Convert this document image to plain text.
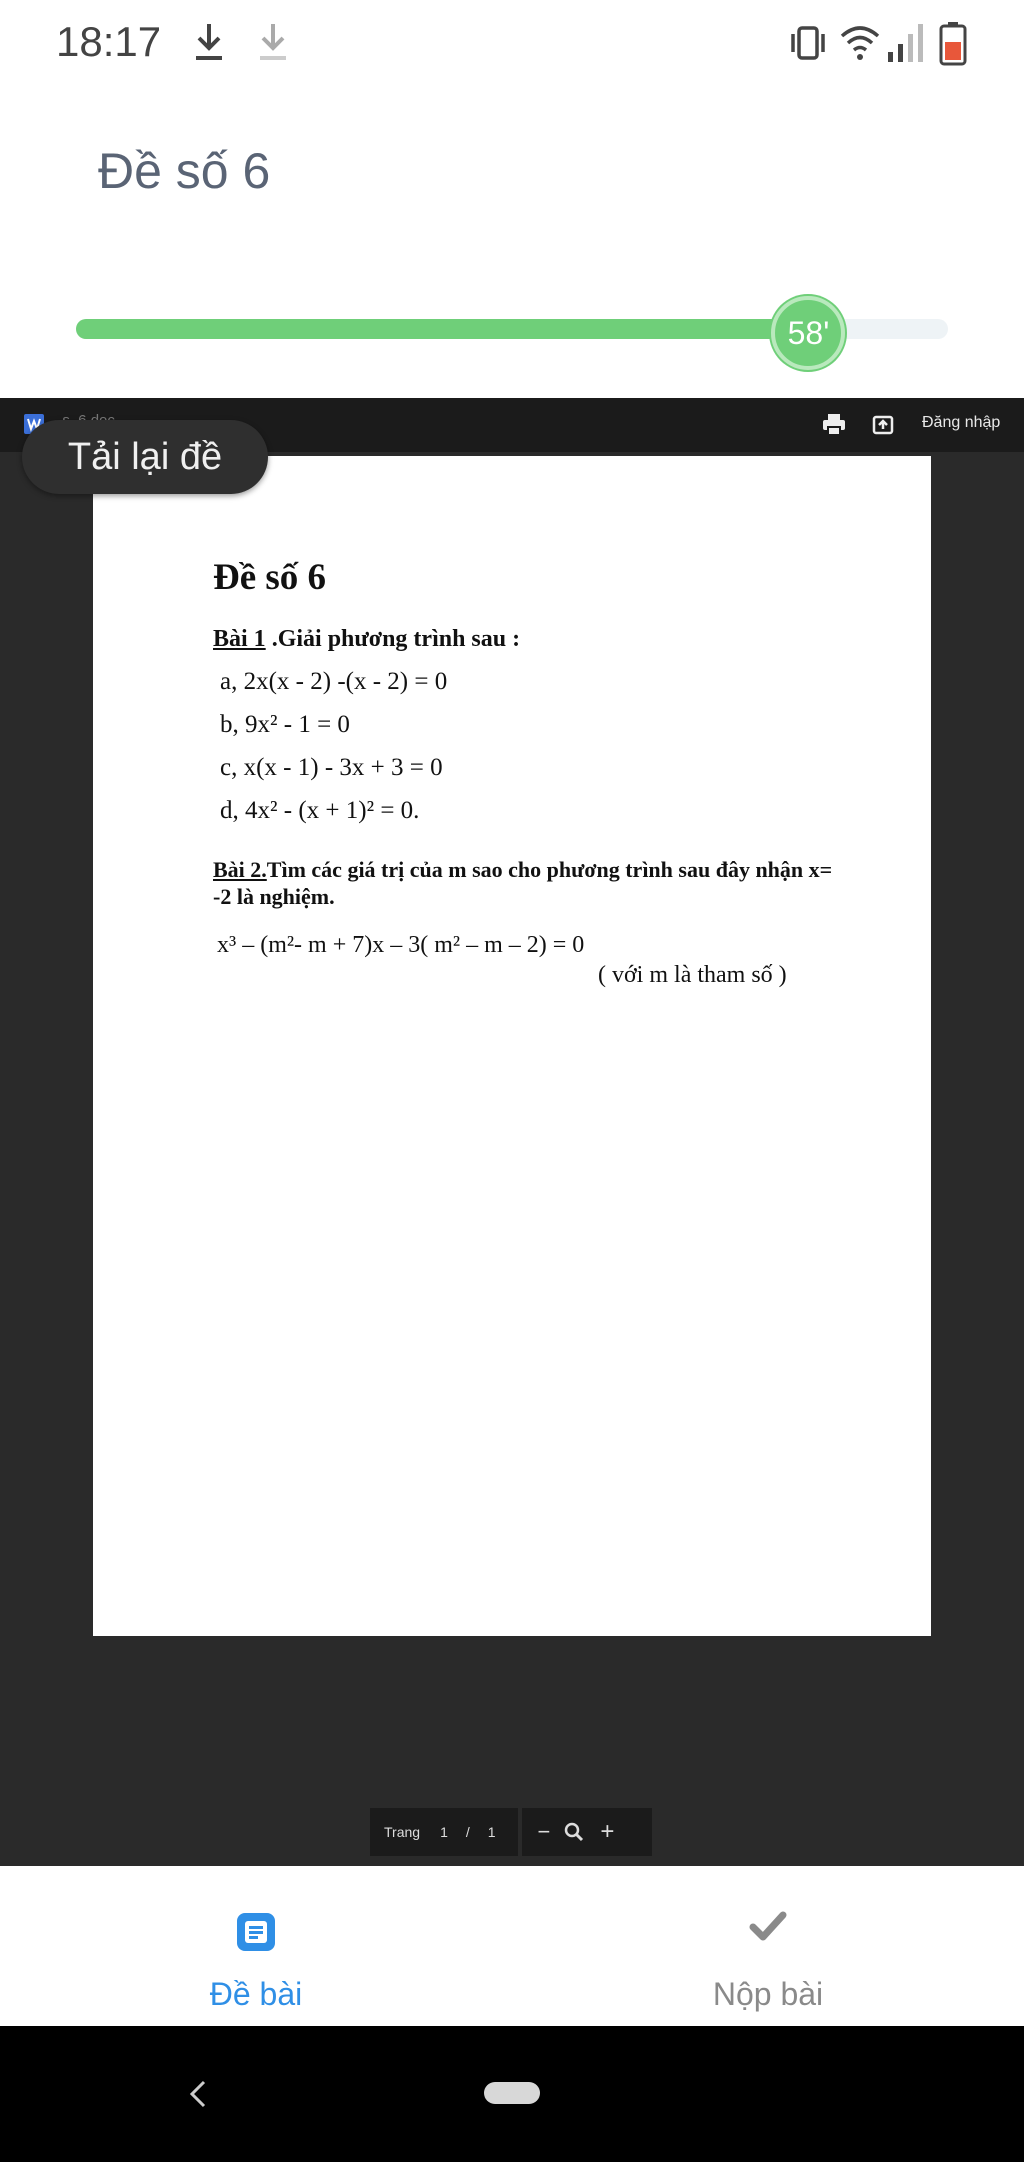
18:17
Đề số 6
58'
Đăng nhập
Đề số 6
Bài 1 .Giải phương trình sau :
a, 2x(x - 2) -(x - 2) = 0
b, 9x² - 1 = 0
c, x(x - 1) - 3x + 3 = 0
d, 4x² - (x + 1)² = 0.
Bài 2.Tìm các giá trị của m sao cho phương trình sau đây nhận x= -2 là nghiệm.
x³ – (m²- m + 7)x – 3( m² – m – 2) = 0
( với m là tham số )
Tải lại đề
Trang 1 / 1 − +
Đề bài	Nộp bài
